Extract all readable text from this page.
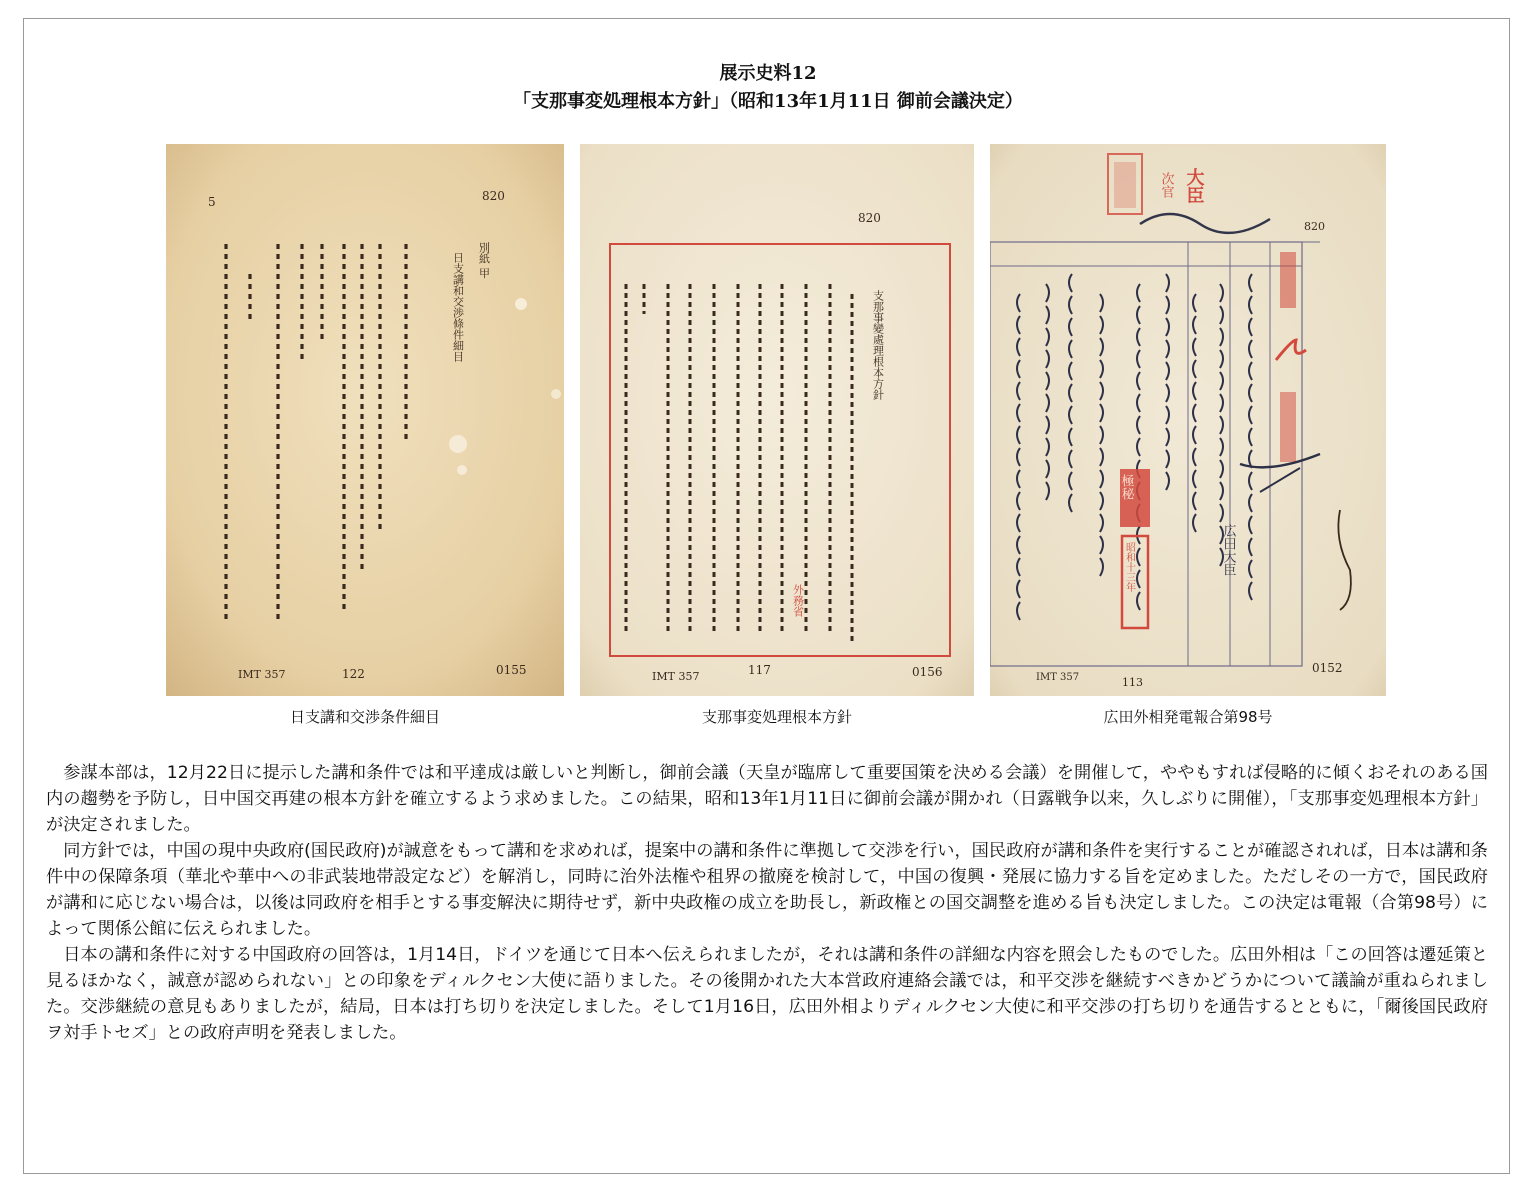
展示史料12
「支那事変処理根本方針」（昭和13年1月11日 御前会議決定）
820
5
別紙 甲
日支講和交渉條件細目
IMT 357	122	0155
820
支那事變處理根本方針
外務省
IMT 357	117	0156
大臣
次官
820
極秘
昭和十三年	広田大臣
IMT 357	113
0152
日支講和交渉条件細目	支那事変処理根本方針	広田外相発電報合第98号

参謀本部は，12月22日に提示した講和条件では和平達成は厳しいと判断し，御前会議（天皇が臨席して重要国策を決める会議）を開催して，ややもすれば侵略的に傾くおそれのある国内の趨勢を予防し，日中国交再建の根本方針を確立するよう求めました。この結果，昭和13年1月11日に御前会議が開かれ（日露戦争以来，久しぶりに開催），「支那事変処理根本方針」が決定されました。

同方針では，中国の現中央政府(国民政府)が誠意をもって講和を求めれば，提案中の講和条件に準拠して交渉を行い，国民政府が講和条件を実行することが確認されれば，日本は講和条件中の保障条項（華北や華中への非武装地帯設定など）を解消し，同時に治外法権や租界の撤廃を検討して，中国の復興・発展に協力する旨を定めました。ただしその一方で，国民政府が講和に応じない場合は，以後は同政府を相手とする事変解決に期待せず，新中央政権の成立を助長し，新政権との国交調整を進める旨も決定しました。この決定は電報（合第98号）によって関係公館に伝えられました。

日本の講和条件に対する中国政府の回答は，1月14日，ドイツを通じて日本へ伝えられましたが，それは講和条件の詳細な内容を照会したものでした。広田外相は「この回答は遷延策と見るほかなく，誠意が認められない」との印象をディルクセン大使に語りました。その後開かれた大本営政府連絡会議では，和平交渉を継続すべきかどうかについて議論が重ねられました。交渉継続の意見もありましたが，結局，日本は打ち切りを決定しました。そして1月16日，広田外相よりディルクセン大使に和平交渉の打ち切りを通告するとともに，「爾後国民政府ヲ対手トセズ」との政府声明を発表しました。
